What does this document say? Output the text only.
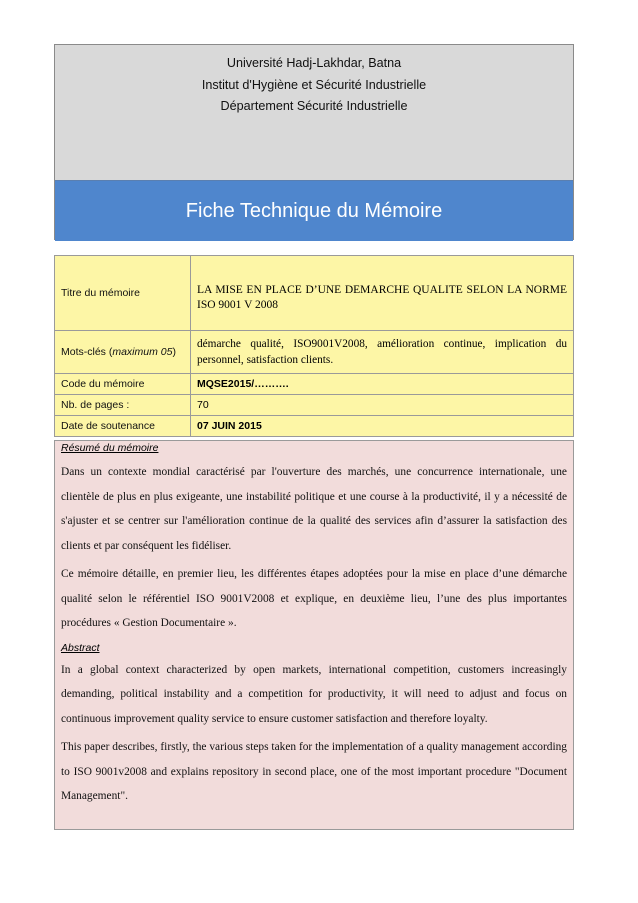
Université Hadj-Lakhdar, Batna
Institut d'Hygiène et Sécurité Industrielle
Département Sécurité Industrielle
Fiche Technique du Mémoire
Titre du mémoire	LA MISE EN PLACE D’UNE DEMARCHE QUALITE SELON LA NORME ISO 9001 V 2008

Mots-clés (maximum 05)	démarche qualité, ISO9001V2008, amélioration continue, implication du personnel, satisfaction clients.

Code du mémoire	MQSE2015/……….
Nb. de pages :	70
Date de soutenance	07 JUIN 2015
Résumé du mémoire

Dans un contexte mondial caractérisé par l'ouverture des marchés, une concurrence internationale, une clientèle de plus en plus exigeante, une instabilité politique et une course à la productivité, il y a nécessité de s'ajuster et se centrer sur l'amélioration continue de la qualité des services afin d’assurer la satisfaction des clients et par conséquent les fidéliser.

Ce mémoire détaille, en premier lieu, les différentes étapes adoptées pour la mise en place d’une démarche qualité selon le référentiel ISO 9001V2008 et explique, en deuxième lieu, l’une des plus importantes procédures « Gestion Documentaire ».

Abstract

In a global context characterized by open markets, international competition, customers increasingly demanding, political instability and a competition for productivity, it will need to adjust and focus on continuous improvement quality service to ensure customer satisfaction and therefore loyalty.

This paper describes, firstly, the various steps taken for the implementation of a quality management according to ISO 9001v2008 and explains repository in second place, one of the most important procedure "Document Management".
